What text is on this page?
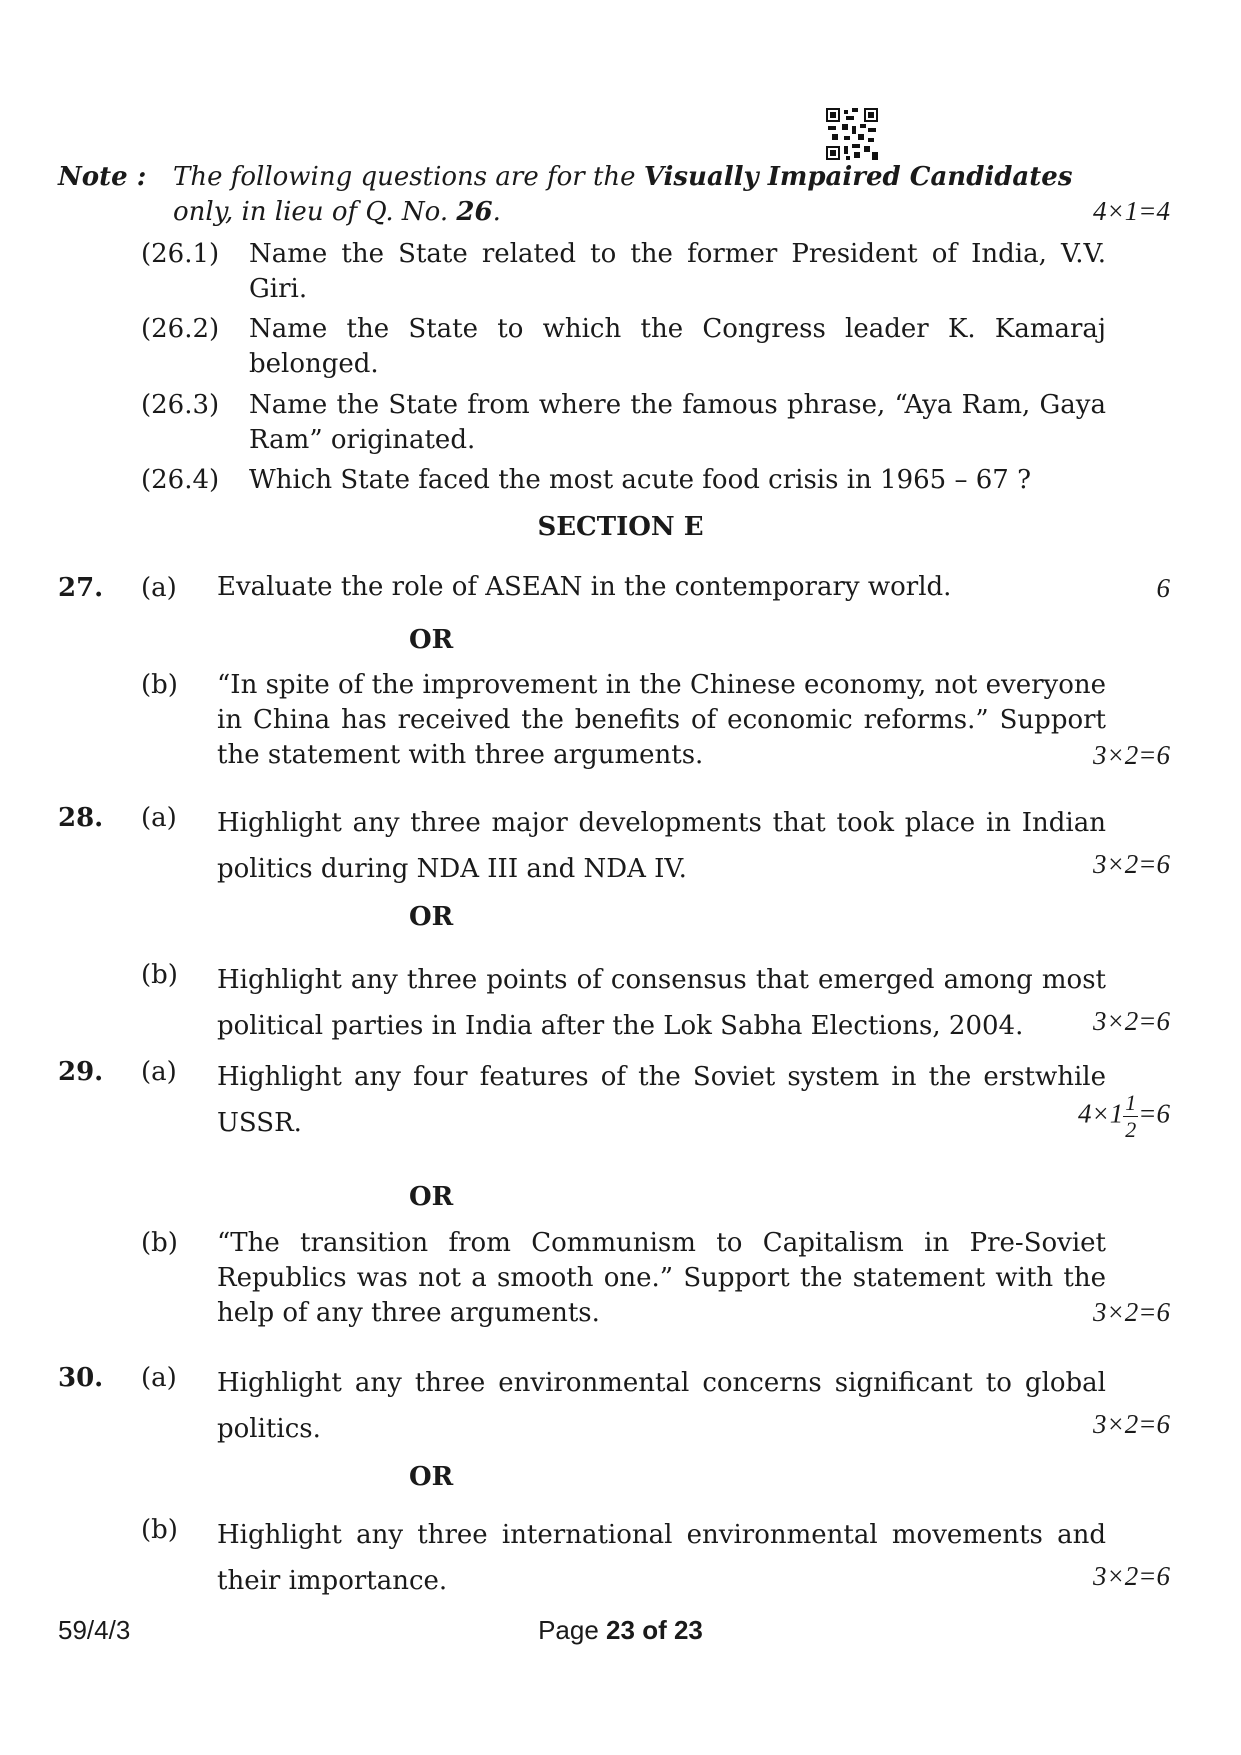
Note : The following questions are for the Visually Impaired Candidates
only, in lieu of Q. No. 26.	4×1=4
(26.1) Name the State related to the former President of India, V.V. Giri.
(26.2) Name the State to which the Congress leader K. Kamaraj belonged.
(26.3) Name the State from where the famous phrase, “Aya Ram, Gaya Ram” originated.
(26.4) Which State faced the most acute food crisis in 1965 – 67 ?
SECTION E
27. (a) Evaluate the role of ASEAN in the contemporary world.	6
OR
(b) “In spite of the improvement in the Chinese economy, not everyone in China has received the benefits of economic reforms.” Support the statement with three arguments.	3×2=6
28. (a) Highlight any three major developments that took place in Indian politics during NDA III and NDA IV.	3×2=6
OR
(b) Highlight any three points of consensus that emerged among most political parties in India after the Lok Sabha Elections, 2004.	3×2=6
29. (a) Highlight any four features of the Soviet system in the erstwhile USSR.	$4\times 1 \frac{1}{2} =6$
OR
(b) “The transition from Communism to Capitalism in Pre-Soviet Republics was not a smooth one.” Support the statement with the help of any three arguments.	3×2=6
30. (a) Highlight any three environmental concerns significant to global politics.	3×2=6
OR
(b) Highlight any three international environmental movements and their importance.	3×2=6
59/4/3	Page 23 of 23
